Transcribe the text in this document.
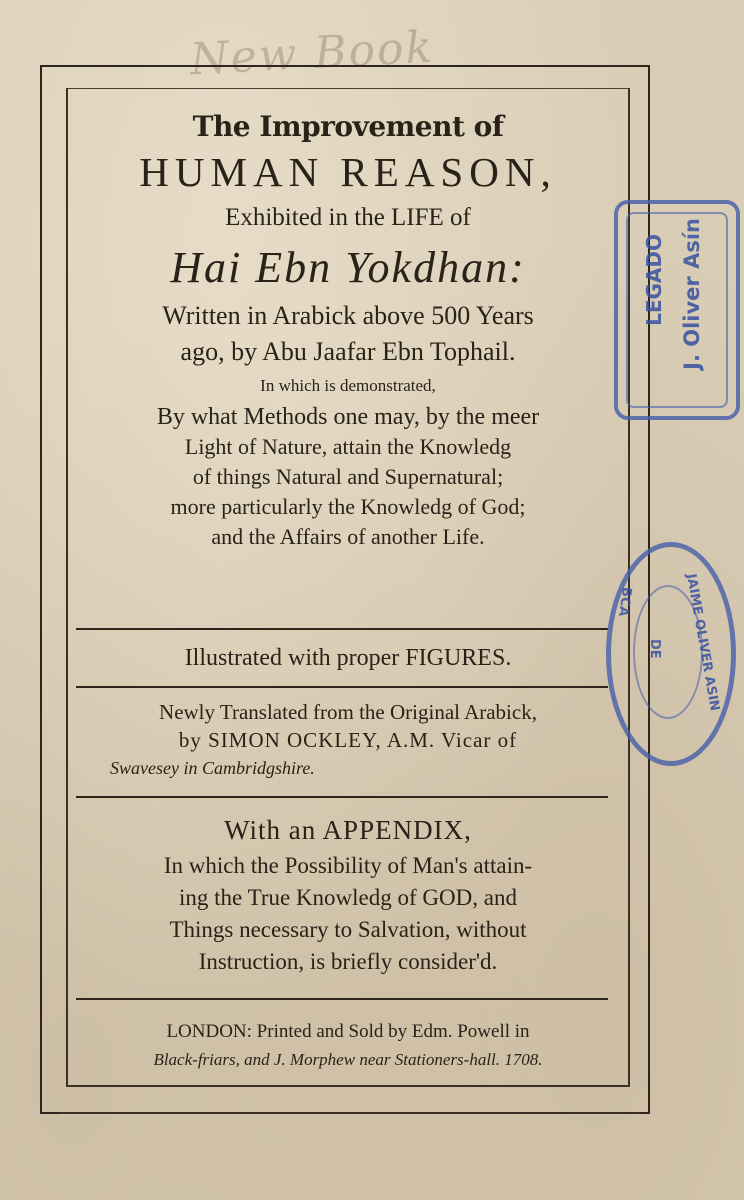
New Book
The Improvement of
HUMAN REASON,
Exhibited in the LIFE of
Hai Ebn Yokdhan:
Written in Arabick above 500 Years
ago, by Abu Jaafar Ebn Tophail.
In which is demonstrated,
By what Methods one may, by the meer
Light of Nature, attain the Knowledg
of things Natural and Supernatural;
more particularly the Knowledg of God;
and the Affairs of another Life.
Illustrated with proper FIGURES.
Newly Translated from the Original Arabick,
by SIMON OCKLEY, A.M. Vicar of
Swavesey in Cambridgshire.
With an APPENDIX,
In which the Possibility of Man's attain-
ing the True Knowledg of GOD, and
Things necessary to Salvation, without
Instruction, is briefly consider'd.
LONDON: Printed and Sold by Edm. Powell in
Black-friars, and J. Morphew near Stationers-hall. 1708.
LEGADO J. Oliver Asín
JAIME OLIVER ASIN
DE
BCA
